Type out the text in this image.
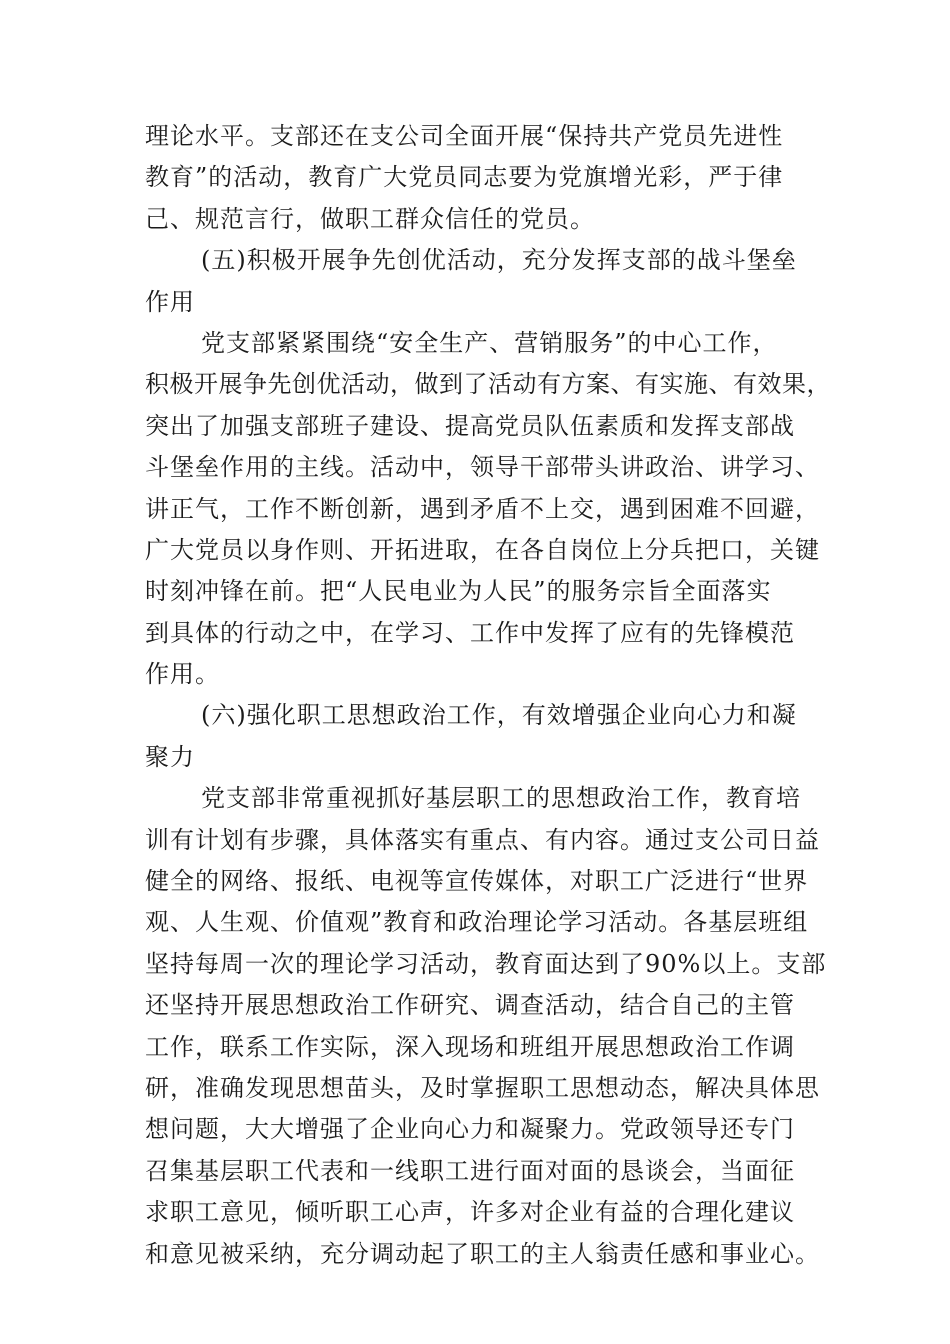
理论水平。支部还在支公司全面开展“保持共产党员先进性
教育”的活动，教育广大党员同志要为党旗增光彩，严于律
己、规范言行，做职工群众信任的党员。
(五)积极开展争先创优活动，充分发挥支部的战斗堡垒
作用
党支部紧紧围绕“安全生产、营销服务”的中心工作，
积极开展争先创优活动，做到了活动有方案、有实施、有效果，
突出了加强支部班子建设、提高党员队伍素质和发挥支部战
斗堡垒作用的主线。活动中，领导干部带头讲政治、讲学习、
讲正气，工作不断创新，遇到矛盾不上交，遇到困难不回避，
广大党员以身作则、开拓进取，在各自岗位上分兵把口，关键
时刻冲锋在前。把“人民电业为人民”的服务宗旨全面落实
到具体的行动之中，在学习、工作中发挥了应有的先锋模范
作用。
(六)强化职工思想政治工作，有效增强企业向心力和凝
聚力
党支部非常重视抓好基层职工的思想政治工作，教育培
训有计划有步骤，具体落实有重点、有内容。通过支公司日益
健全的网络、报纸、电视等宣传媒体，对职工广泛进行“世界
观、人生观、价值观”教育和政治理论学习活动。各基层班组
坚持每周一次的理论学习活动，教育面达到了90%以上。支部
还坚持开展思想政治工作研究、调查活动，结合自己的主管
工作，联系工作实际，深入现场和班组开展思想政治工作调
研，准确发现思想苗头，及时掌握职工思想动态，解决具体思
想问题，大大增强了企业向心力和凝聚力。党政领导还专门
召集基层职工代表和一线职工进行面对面的恳谈会，当面征
求职工意见，倾听职工心声，许多对企业有益的合理化建议
和意见被采纳，充分调动起了职工的主人翁责任感和事业心。
